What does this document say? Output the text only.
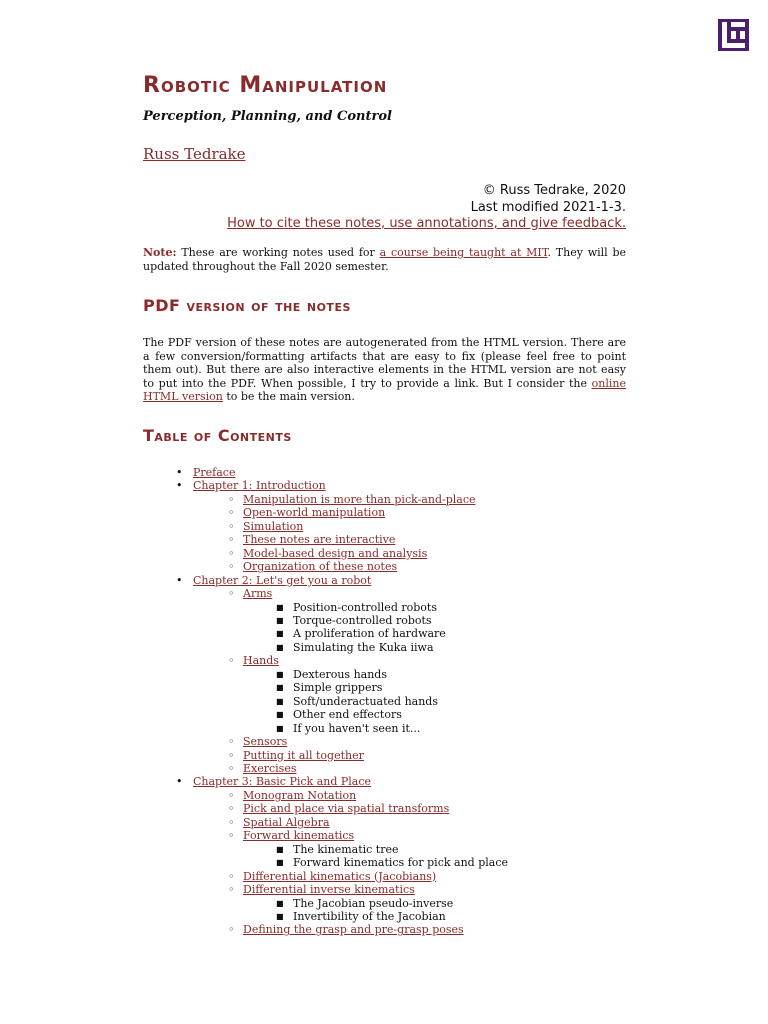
Robotic Manipulation
Perception, Planning, and Control
Russ Tedrake
© Russ Tedrake, 2020
Last modified 2021-1-3.
How to cite these notes, use annotations, and give feedback.
Note: These are working notes used for a course being taught at MIT. They will be updated throughout the Fall 2020 semester.
PDF version of the notes
The PDF version of these notes are autogenerated from the HTML version. There are a few conversion/formatting artifacts that are easy to fix (please feel free to point them out). But there are also interactive elements in the HTML version are not easy to put into the PDF. When possible, I try to provide a link. But I consider the online HTML version to be the main version.
Table of Contents
• Preface
• Chapter 1: Introduction
◦ Manipulation is more than pick-and-place
◦ Open-world manipulation
◦ Simulation
◦ These notes are interactive
◦ Model-based design and analysis
◦ Organization of these notes
• Chapter 2: Let's get you a robot
◦ Arms
■ Position-controlled robots
■ Torque-controlled robots
■ A proliferation of hardware
■ Simulating the Kuka iiwa
◦ Hands
■ Dexterous hands
■ Simple grippers
■ Soft/underactuated hands
■ Other end effectors
■ If you haven't seen it...
◦ Sensors
◦ Putting it all together
◦ Exercises
• Chapter 3: Basic Pick and Place
◦ Monogram Notation
◦ Pick and place via spatial transforms
◦ Spatial Algebra
◦ Forward kinematics
■ The kinematic tree
■ Forward kinematics for pick and place
◦ Differential kinematics (Jacobians)
◦ Differential inverse kinematics
■ The Jacobian pseudo-inverse
■ Invertibility of the Jacobian
◦ Defining the grasp and pre-grasp poses
